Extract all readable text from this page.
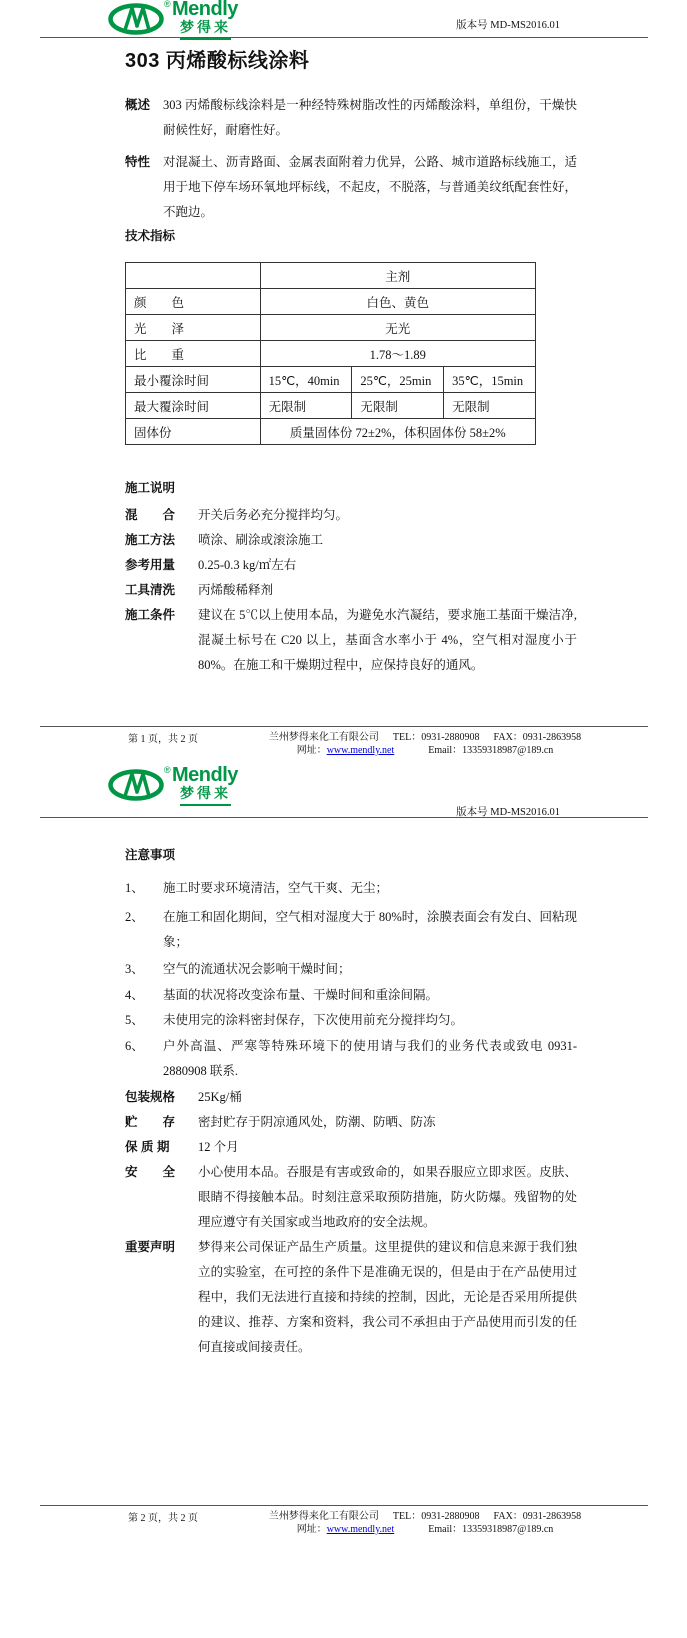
® Mendly
梦得来	版本号 MD-MS2016.01
303 丙烯酸标线涂料
概述 303 丙烯酸标线涂料是一种经特殊树脂改性的丙烯酸涂料，单组份，干燥快耐候性好，耐磨性好。
特性 对混凝土、沥青路面、金属表面附着力优异，公路、城市道路标线施工，适用于地下停车场环氧地坪标线，不起皮，不脱落，与普通美纹纸配套性好，不跑边。
技术指标
	主剂		
颜　　色	白色、黄色		
光　　泽	无光		
比　　重	1.78～1.89		
最小覆涂时间	15℃，40min	25℃，25min	35℃，15min
最大覆涂时间	无限制	无限制	无限制
固体份	质量固体份 72±2%，体积固体份 58±2%		
施工说明
混　　合 开关后务必充分搅拌均匀。
施工方法 喷涂、刷涂或滚涂施工
参考用量 0.25-0.3 kg/㎡左右
工具清洗 丙烯酸稀释剂
施工条件 建议在 5℃以上使用本品，为避免水汽凝结，要求施工基面干燥洁净,混凝土标号在 C20 以上，基面含水率小于 4%，空气相对湿度小于 80%。在施工和干燥期过程中，应保持良好的通风。
第 1 页，共 2 页	兰州梦得来化工有限公司 TEL：0931-2880908 FAX：0931-2863958
网址：www.mendly.net	Email：13359318987@189.cn
® Mendly
梦得来
版本号 MD-MS2016.01
注意事项
1、 施工时要求环境清洁，空气干爽、无尘；
2、 在施工和固化期间，空气相对湿度大于 80%时，涂膜表面会有发白、回粘现象；
3、 空气的流通状况会影响干燥时间；
4、 基面的状况将改变涂布量、干燥时间和重涂间隔。
5、 未使用完的涂料密封保存，下次使用前充分搅拌均匀。
6、 户外高温、严寒等特殊环境下的使用请与我们的业务代表或致电 0931-2880908 联系.
包装规格 25Kg/桶
贮　　存 密封贮存于阴凉通风处，防潮、防晒、防冻
保 质 期 12 个月
安　　全 小心使用本品。吞服是有害或致命的，如果吞服应立即求医。皮肤、眼睛不得接触本品。时刻注意采取预防措施，防火防爆。残留物的处理应遵守有关国家或当地政府的安全法规。
重要声明 梦得来公司保证产品生产质量。这里提供的建议和信息来源于我们独立的实验室，在可控的条件下是准确无误的，但是由于在产品使用过程中，我们无法进行直接和持续的控制，因此，无论是否采用所提供的建议、推荐、方案和资料，我公司不承担由于产品使用而引发的任何直接或间接责任。
第 2 页，共 2 页	兰州梦得来化工有限公司 TEL：0931-2880908 FAX：0931-2863958
网址：www.mendly.net	Email：13359318987@189.cn
